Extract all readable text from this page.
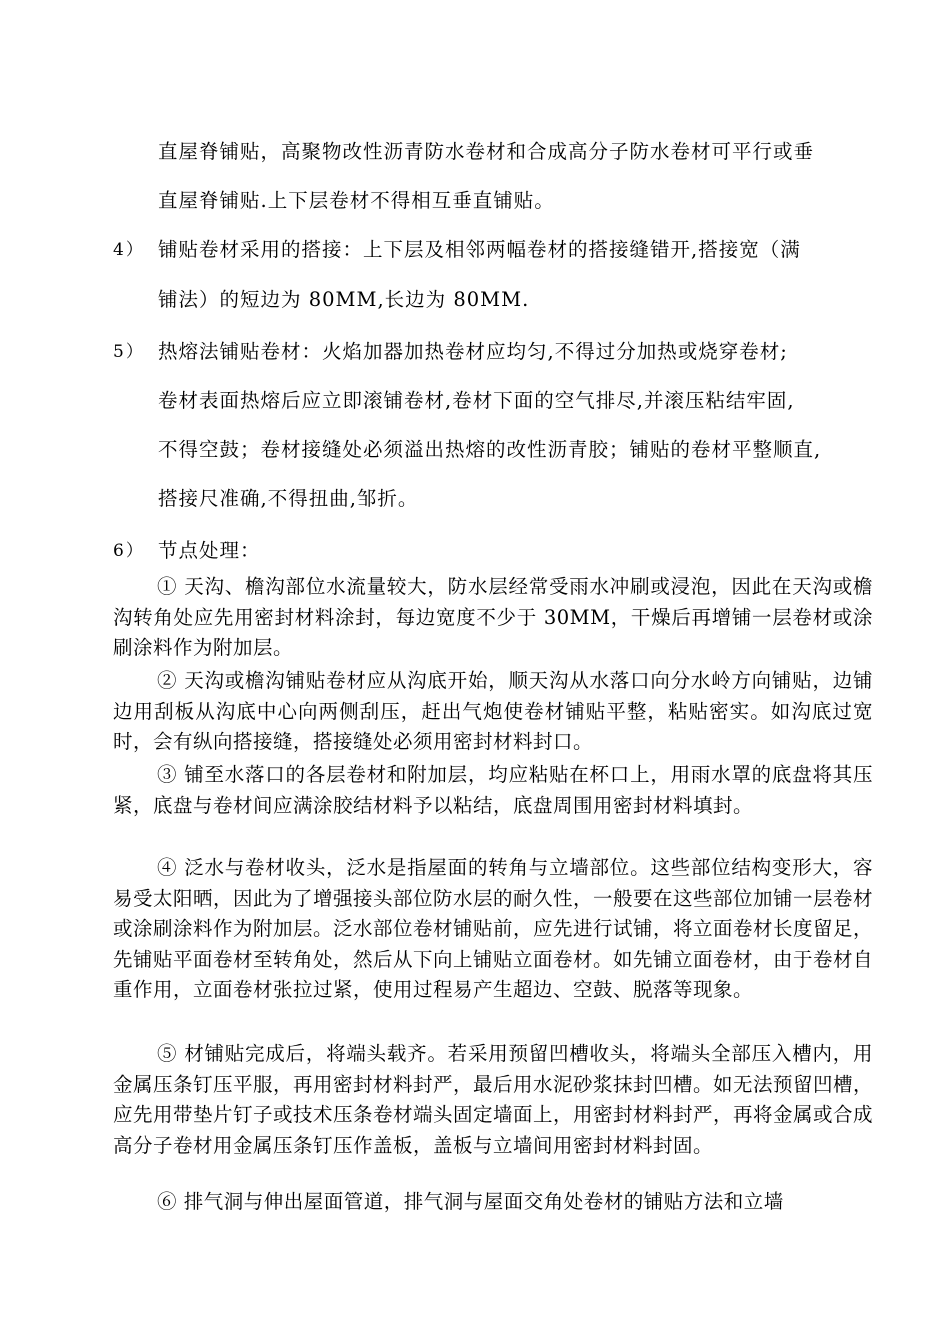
直屋脊铺贴，高聚物改性沥青防水卷材和合成高分子防水卷材可平行或垂
直屋脊铺贴.上下层卷材不得相互垂直铺贴。
4） 铺贴卷材采用的搭接：上下层及相邻两幅卷材的搭接缝错开,搭接宽（满
铺法）的短边为 80MM,长边为 80MM.
5） 热熔法铺贴卷材：火焰加器加热卷材应均匀,不得过分加热或烧穿卷材;
卷材表面热熔后应立即滚铺卷材,卷材下面的空气排尽,并滚压粘结牢固,
不得空鼓；卷材接缝处必须溢出热熔的改性沥青胶；铺贴的卷材平整顺直,
搭接尺准确,不得扭曲,邹折。
6） 节点处理：

① 天沟、檐沟部位水流量较大，防水层经常受雨水冲刷或浸泡，因此在天沟或檐沟转角处应先用密封材料涂封，每边宽度不少于 30MM，干燥后再增铺一层卷材或涂刷涂料作为附加层。

② 天沟或檐沟铺贴卷材应从沟底开始，顺天沟从水落口向分水岭方向铺贴，边铺边用刮板从沟底中心向两侧刮压，赶出气炮使卷材铺贴平整，粘贴密实。如沟底过宽时，会有纵向搭接缝，搭接缝处必须用密封材料封口。

③ 铺至水落口的各层卷材和附加层，均应粘贴在杯口上，用雨水罩的底盘将其压紧，底盘与卷材间应满涂胶结材料予以粘结，底盘周围用密封材料填封。

④ 泛水与卷材收头，泛水是指屋面的转角与立墙部位。这些部位结构变形大，容易受太阳晒，因此为了增强接头部位防水层的耐久性，一般要在这些部位加铺一层卷材或涂刷涂料作为附加层。泛水部位卷材铺贴前，应先进行试铺，将立面卷材长度留足，先铺贴平面卷材至转角处，然后从下向上铺贴立面卷材。如先铺立面卷材，由于卷材自重作用，立面卷材张拉过紧，使用过程易产生超边、空鼓、脱落等现象。

⑤ 材铺贴完成后，将端头载齐。若采用预留凹槽收头，将端头全部压入槽内，用金属压条钉压平服，再用密封材料封严，最后用水泥砂浆抹封凹槽。如无法预留凹槽，应先用带垫片钉子或技术压条卷材端头固定墙面上，用密封材料封严，再将金属或合成高分子卷材用金属压条钉压作盖板，盖板与立墙间用密封材料封固。

⑥ 排气洞与伸出屋面管道，排气洞与屋面交角处卷材的铺贴方法和立墙
